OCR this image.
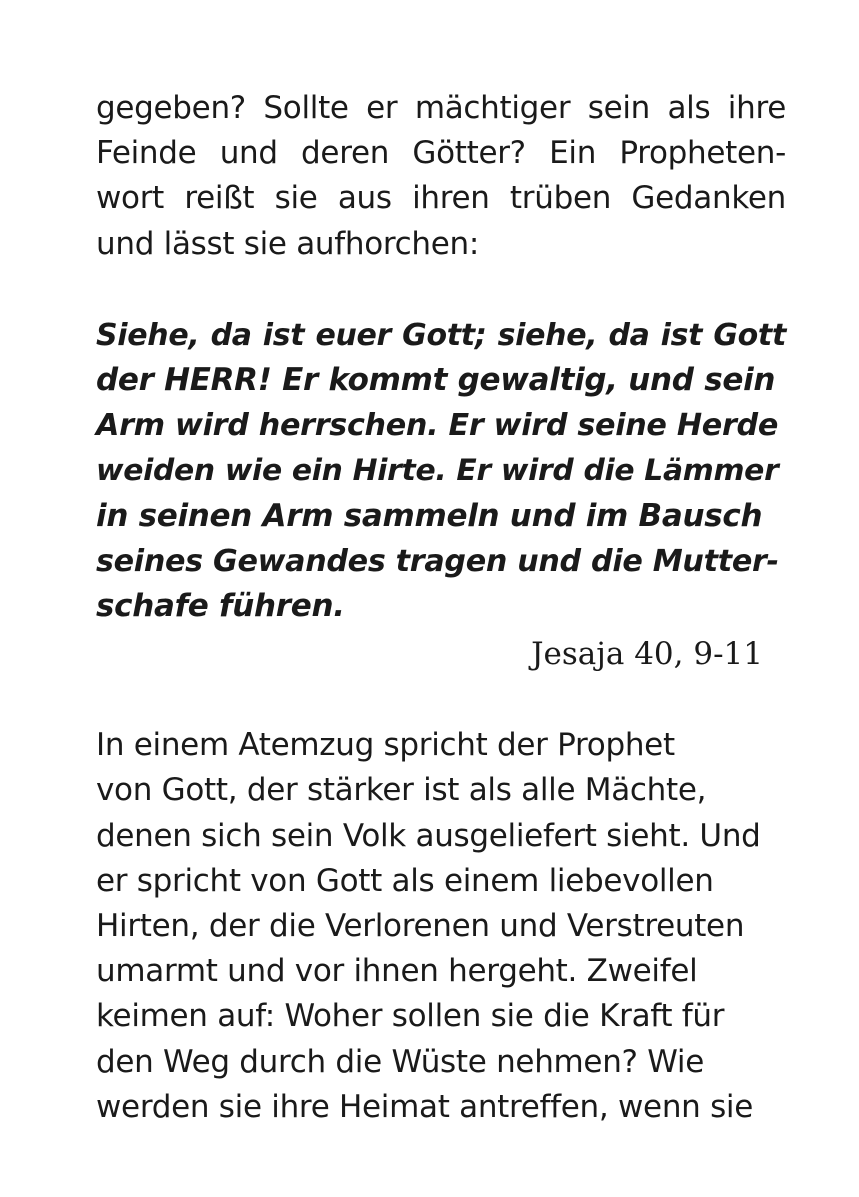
gegeben? Sollte er mächtiger sein als ihre
Feinde und deren Götter? Ein Propheten-
wort reißt sie aus ihren trüben Gedanken
und lässt sie aufhorchen:
Siehe, da ist euer Gott; siehe, da ist Gott
der HERR! Er kommt gewaltig, und sein
Arm wird herrschen. Er wird seine Herde
weiden wie ein Hirte. Er wird die Lämmer
in seinen Arm sammeln und im Bausch
seines Gewandes tragen und die Mutter-
schafe führen.
Jesaja 40, 9-11
In einem Atemzug spricht der Prophet
von Gott, der stärker ist als alle Mächte,
denen sich sein Volk ausgeliefert sieht. Und
er spricht von Gott als einem liebevollen
Hirten, der die Verlorenen und Verstreuten
umarmt und vor ihnen hergeht. Zweifel
keimen auf: Woher sollen sie die Kraft für
den Weg durch die Wüste nehmen? Wie
werden sie ihre Heimat antreffen, wenn sie
